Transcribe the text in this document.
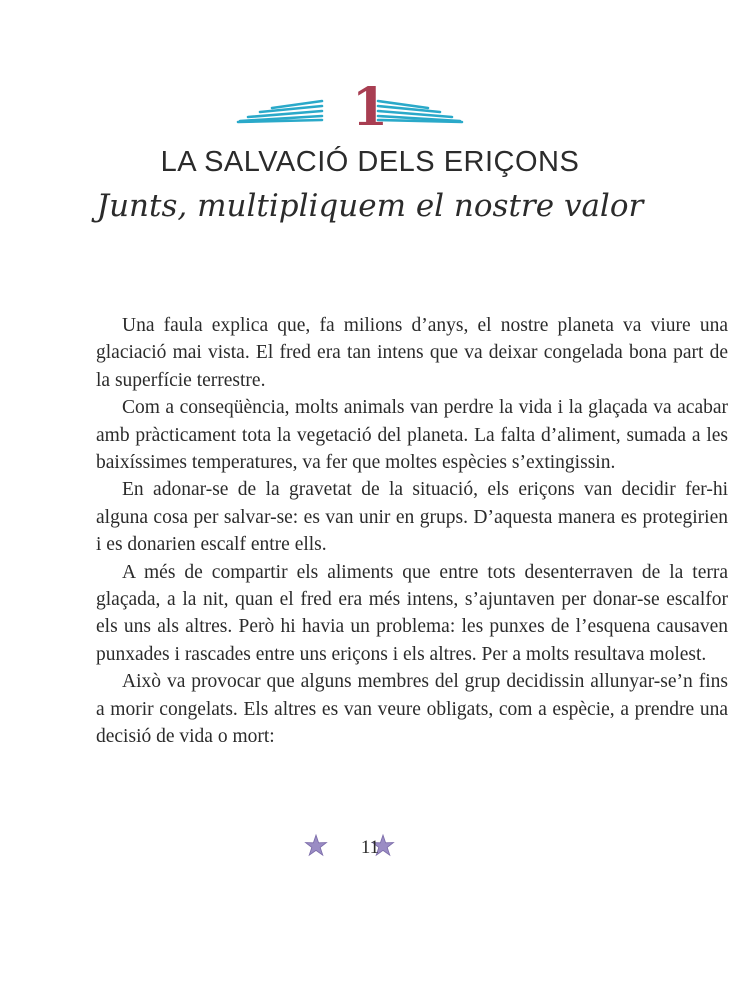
1
LA SALVACIÓ DELS ERIÇONS
Junts, multipliquem el nostre valor

Una faula explica que, fa milions d’anys, el nostre planeta va viure una glaciació mai vista. El fred era tan intens que va deixar congelada bona part de la superfície terrestre.

Com a conseqüència, molts animals van perdre la vida i la glaçada va acabar amb pràcticament tota la vegetació del planeta. La falta d’aliment, sumada a les baixíssimes temperatures, va fer que moltes espècies s’extingissin.

En adonar-se de la gravetat de la situació, els eriçons van decidir fer-hi alguna cosa per salvar-se: es van unir en grups. D’aquesta manera es protegirien i es donarien escalf entre ells.

A més de compartir els aliments que entre tots desenterraven de la terra glaçada, a la nit, quan el fred era més intens, s’ajuntaven per donar-se escalfor els uns als altres. Però hi havia un problema: les punxes de l’esquena causaven punxades i rascades entre uns eriçons i els altres. Per a molts resultava molest.

Això va provocar que alguns membres del grup decidissin allunyar-se’n fins a morir congelats. Els altres es van veure obligats, com a espècie, a prendre una decisió de vida o mort:

11
